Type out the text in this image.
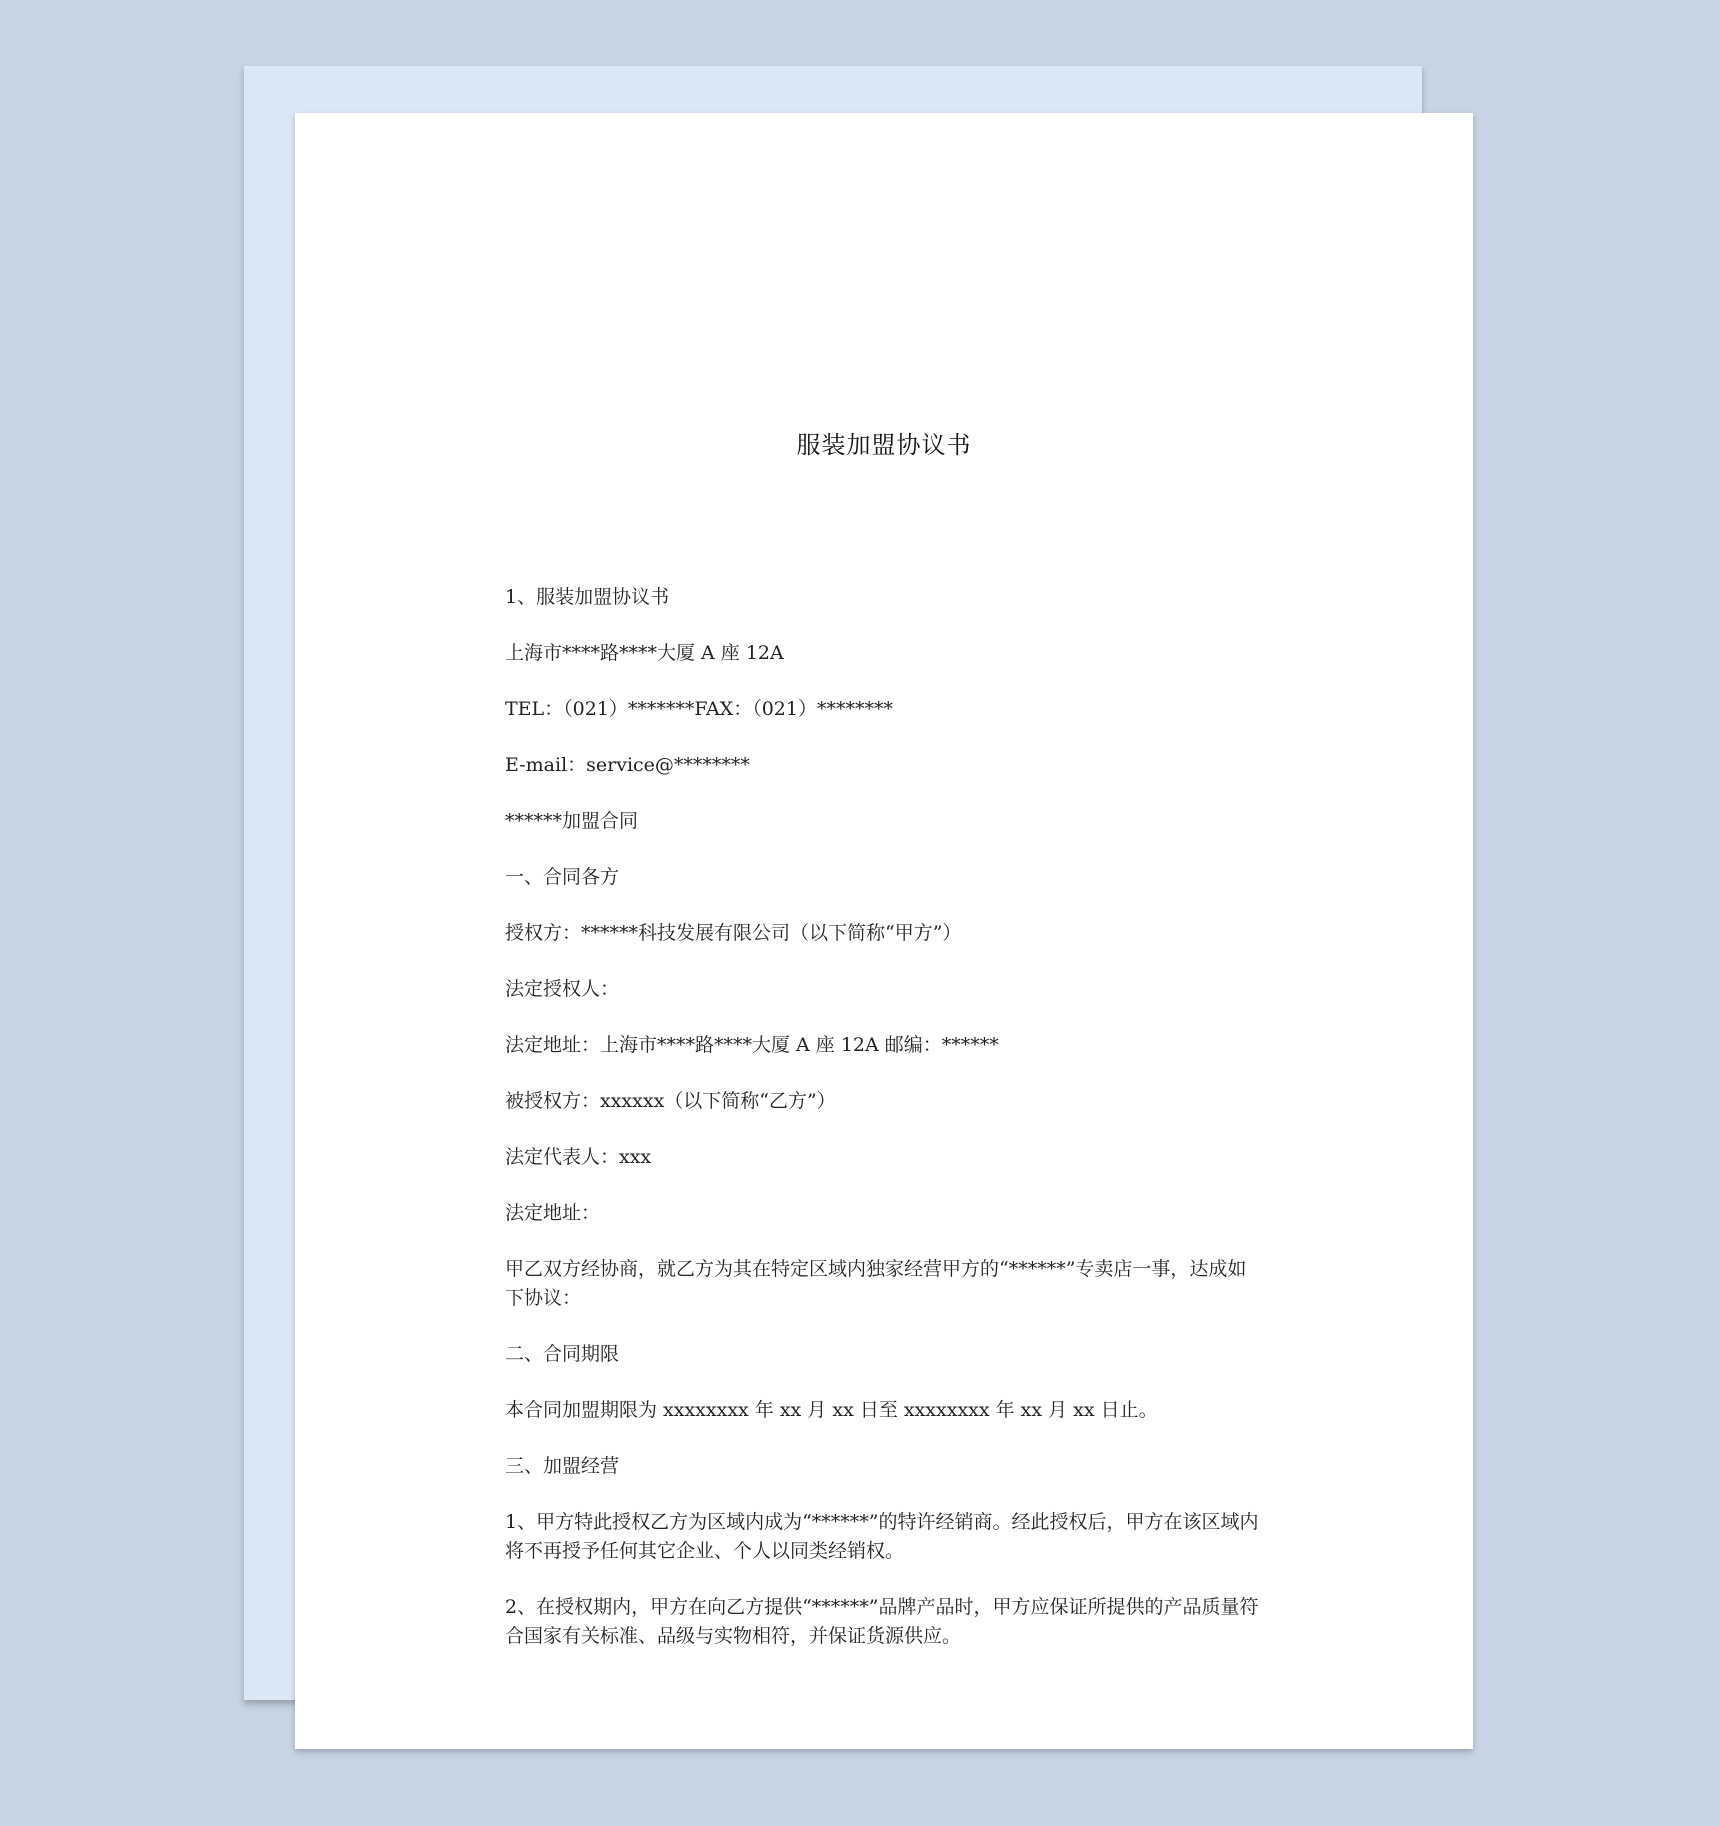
服装加盟协议书

1、服装加盟协议书

上海市****路****大厦 A 座 12A

TEL：（021）*******FAX：（021）********

E-mail：service@********

******加盟合同

一、合同各方

授权方：******科技发展有限公司（以下简称“甲方”）

法定授权人：

法定地址：上海市****路****大厦 A 座 12A 邮编：******

被授权方：xxxxxx（以下简称“乙方”）

法定代表人：xxx

法定地址：

甲乙双方经协商，就乙方为其在特定区域内独家经营甲方的“******”专卖店一事，达成如下协议：

二、合同期限

本合同加盟期限为 xxxxxxxx 年 xx 月 xx 日至 xxxxxxxx 年 xx 月 xx 日止。

三、加盟经营

1、甲方特此授权乙方为区域内成为“******”的特许经销商。经此授权后，甲方在该区域内将不再授予任何其它企业、个人以同类经销权。

2、在授权期内，甲方在向乙方提供“******”品牌产品时，甲方应保证所提供的产品质量符合国家有关标准、品级与实物相符，并保证货源供应。
